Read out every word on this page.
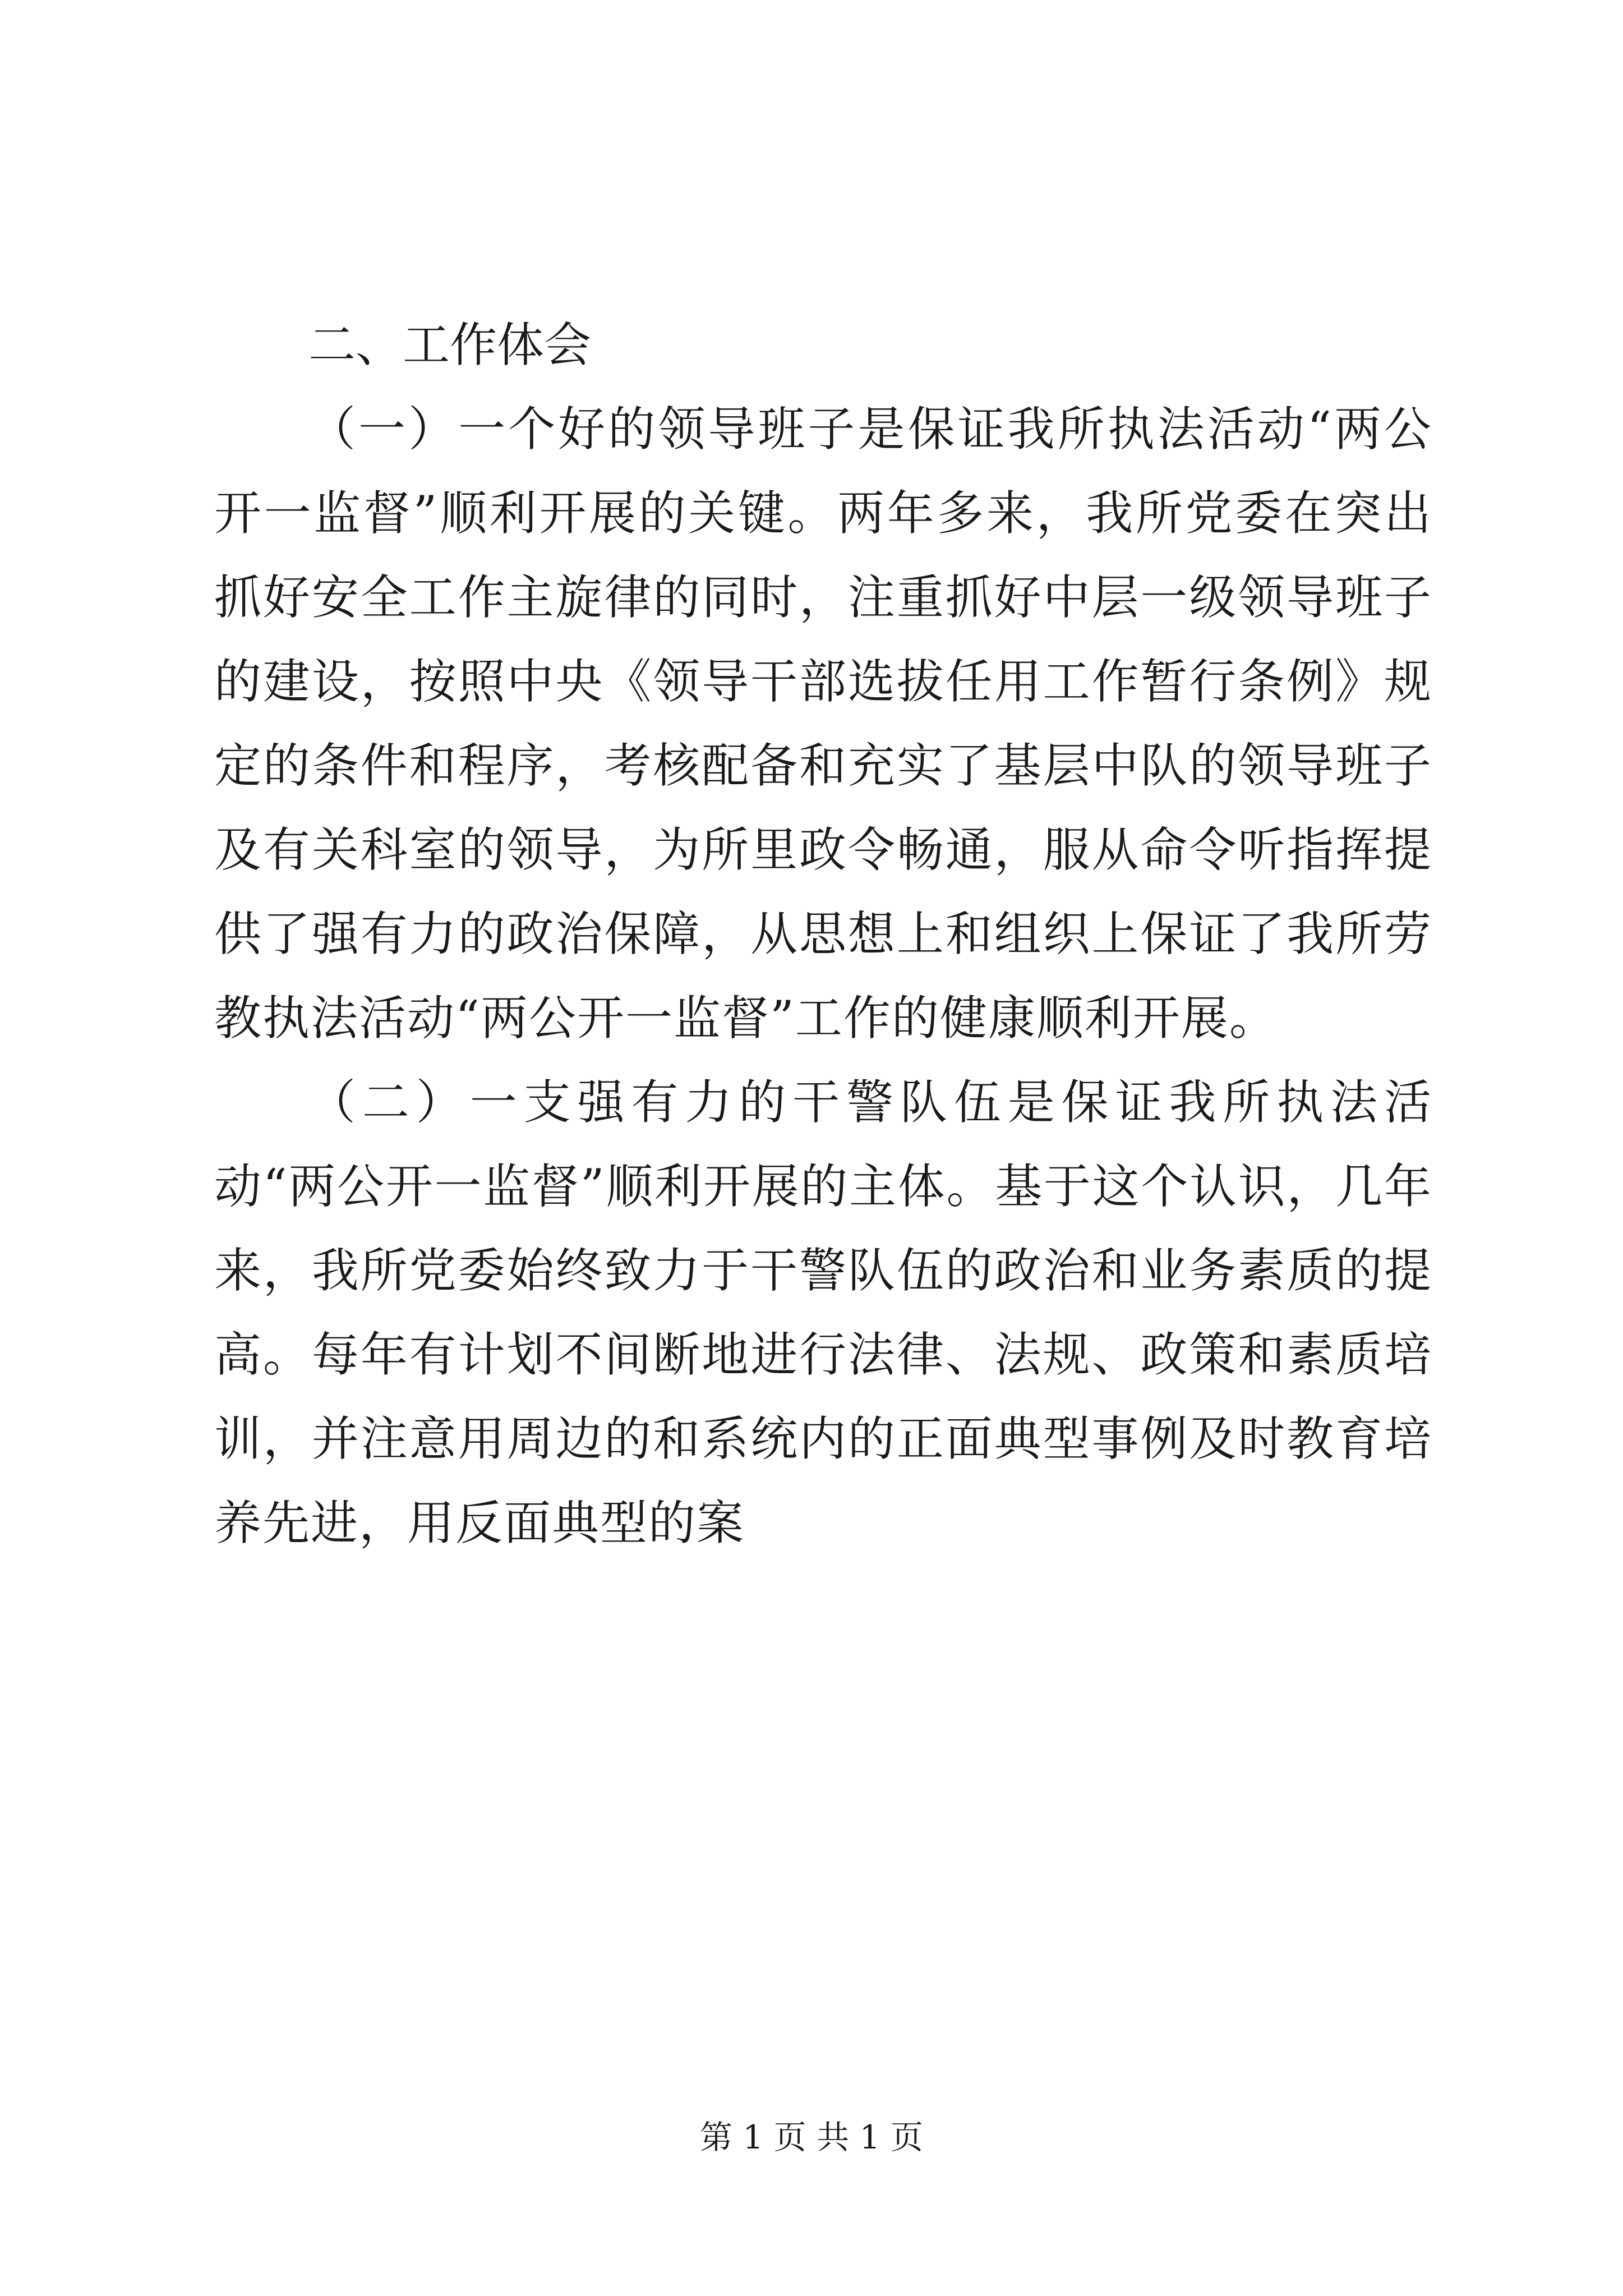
二、工作体会

（一）一个好的领导班子是保证我所执法活动“两公开一监督”顺利开展的关键。两年多来，我所党委在突出抓好安全工作主旋律的同时，注重抓好中层一级领导班子的建设，按照中央《领导干部选拔任用工作暂行条例》规定的条件和程序，考核配备和充实了基层中队的领导班子及有关科室的领导，为所里政令畅通，服从命令听指挥提供了强有力的政治保障，从思想上和组织上保证了我所劳教执法活动“两公开一监督”工作的健康顺利开展。

（二）一支强有力的干警队伍是保证我所执法活动“两公开一监督”顺利开展的主体。基于这个认识，几年来，我所党委始终致力于干警队伍的政治和业务素质的提高。每年有计划不间断地进行法律、法规、政策和素质培训，并注意用周边的和系统内的正面典型事例及时教育培养先进，用反面典型的案

第 1 页 共 1 页
